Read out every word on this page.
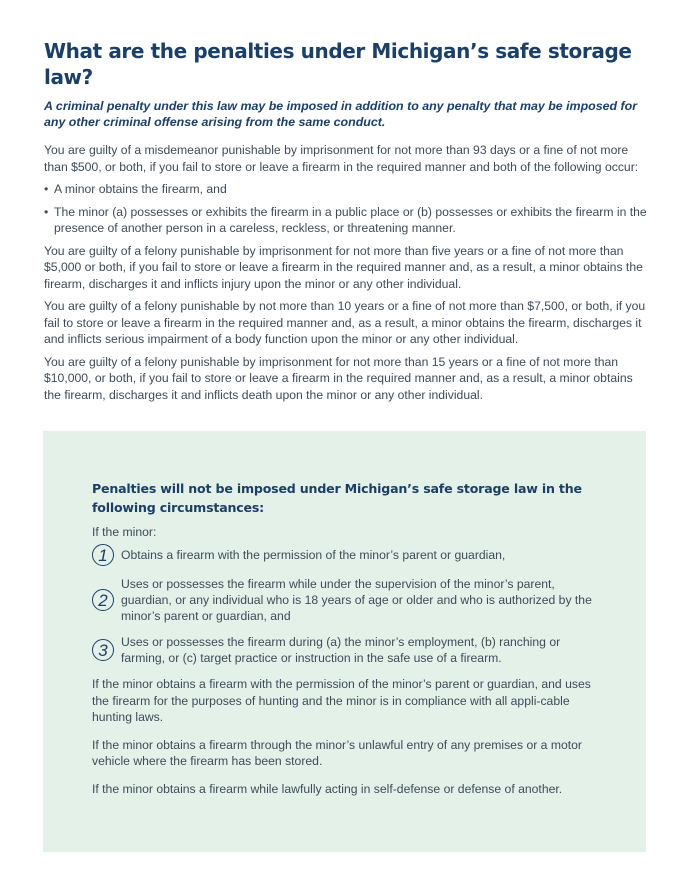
What are the penalties under Michigan’s safe storage law?

A criminal penalty under this law may be imposed in addition to any penalty that may be imposed for any other criminal offense arising from the same conduct.

You are guilty of a misdemeanor punishable by imprisonment for not more than 93 days or a fine of not more than $500, or both, if you fail to store or leave a firearm in the required manner and both of the following occur:

• A minor obtains the firearm, and
• The minor (a) possesses or exhibits the firearm in a public place or (b) possesses or exhibits the firearm in the presence of another person in a careless, reckless, or threatening manner.

You are guilty of a felony punishable by imprisonment for not more than five years or a fine of not more than $5,000 or both, if you fail to store or leave a firearm in the required manner and, as a result, a minor obtains the firearm, discharges it and inflicts injury upon the minor or any other individual.

You are guilty of a felony punishable by not more than 10 years or a fine of not more than $7,500, or both, if you fail to store or leave a firearm in the required manner and, as a result, a minor obtains the firearm, discharges it and inflicts serious impairment of a body function upon the minor or any other individual.

You are guilty of a felony punishable by imprisonment for not more than 15 years or a fine of not more than $10,000, or both, if you fail to store or leave a firearm in the required manner and, as a result, a minor obtains the firearm, discharges it and inflicts death upon the minor or any other individual.

Penalties will not be imposed under Michigan’s safe storage law in the following circumstances:

If the minor:

1	Obtains a firearm with the permission of the minor’s parent or guardian,
2
Uses or possesses the firearm while under the supervision of the minor’s parent, guardian, or any individual who is 18 years of age or older and who is authorized by the minor’s parent or guardian, and
3	Uses or possesses the firearm during (a) the minor’s employment, (b) ranching or farming, or (c) target practice or instruction in the safe use of a firearm.

If the minor obtains a firearm with the permission of the minor’s parent or guardian, and uses the firearm for the purposes of hunting and the minor is in compliance with all appli-cable hunting laws.

If the minor obtains a firearm through the minor’s unlawful entry of any premises or a motor vehicle where the firearm has been stored.

If the minor obtains a firearm while lawfully acting in self-defense or defense of another.
